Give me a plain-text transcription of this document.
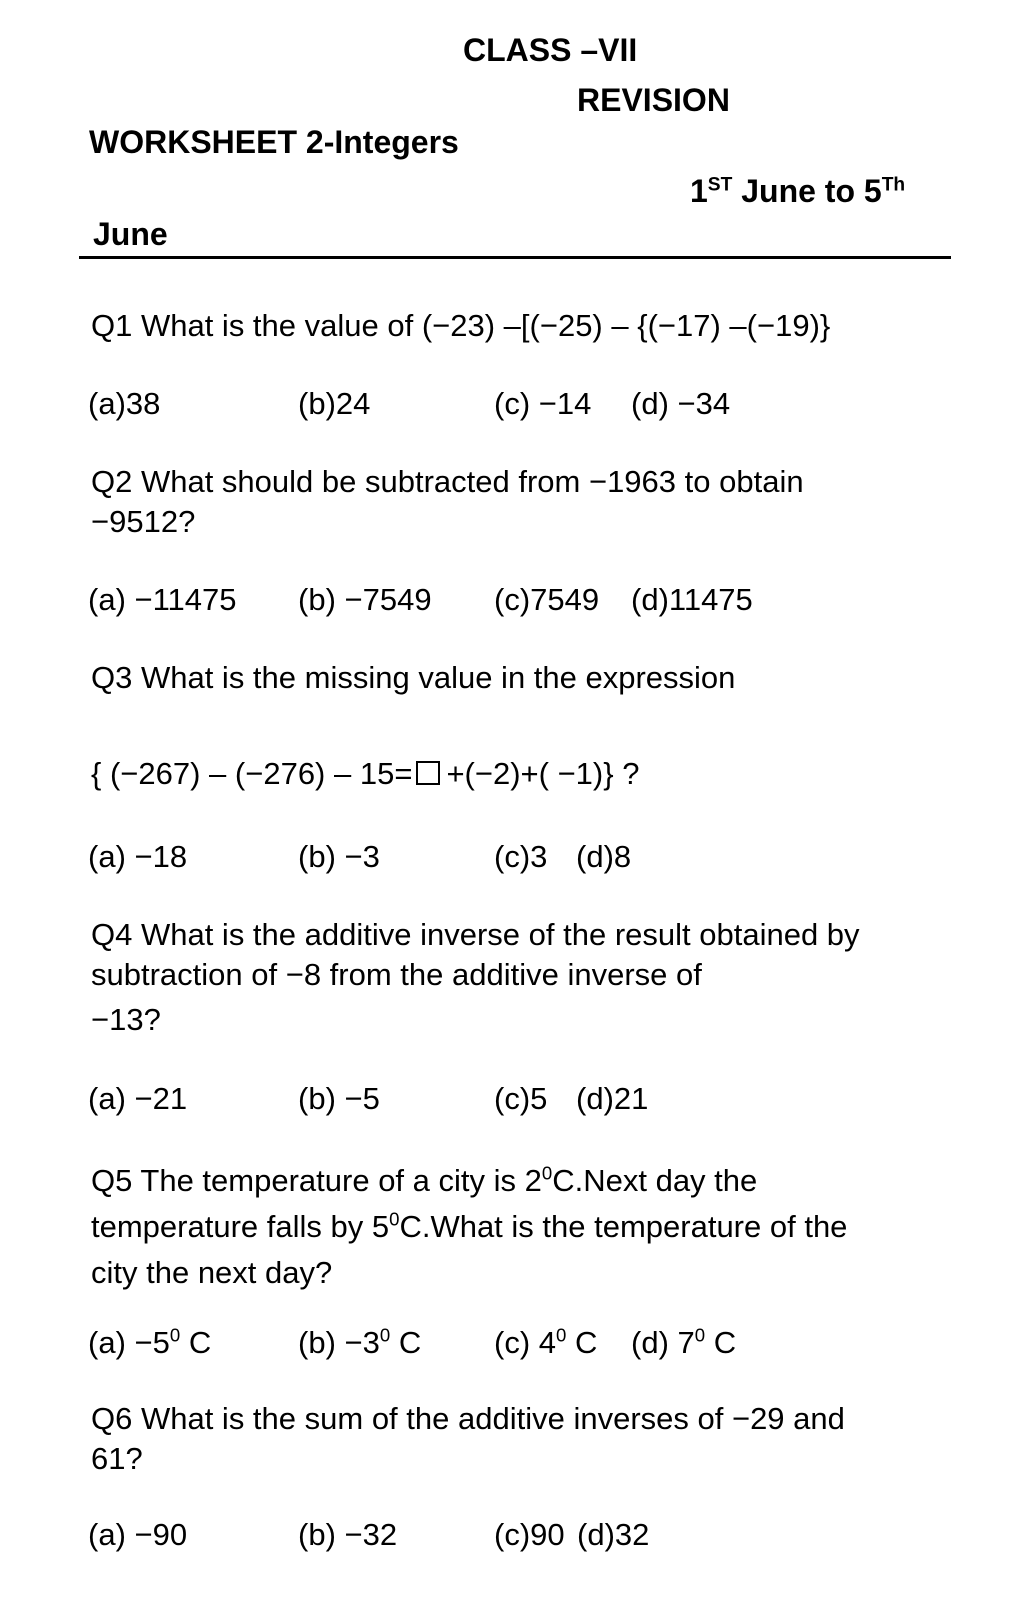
CLASS –VII
REVISION
WORKSHEET 2-Integers
1ST June to 5Th
June
Q1 What is the value of (−23) –[(−25) – {(−17) –(−19)}
(a)38	(b)24	(c) −14 (d) −34
Q2 What should be subtracted from −1963 to obtain
−9512?
(a) −11475 (b) −7549 (c)7549 (d)11475
Q3 What is the missing value in the expression
{ (−267) – (−276) – 15= +(−2)+( −1)} ?
(a) −18	(b) −3	(c)3 (d)8
Q4 What is the additive inverse of the result obtained by
subtraction of −8 from the additive inverse of
−13?
(a) −21	(b) −5	(c)5 (d)21
Q5 The temperature of a city is $2^0C.Next$ day the
temperature falls by $5^0C.What$ is the temperature of the
city the next day?
$(a) -5^0$ C	$(b) -3^0$ C (c) $4^0$ C (d) $7^0$ C
Q6 What is the sum of the additive inverses of −29 and
61?
(a) −90	(b) −32	(c)90 (d)32
